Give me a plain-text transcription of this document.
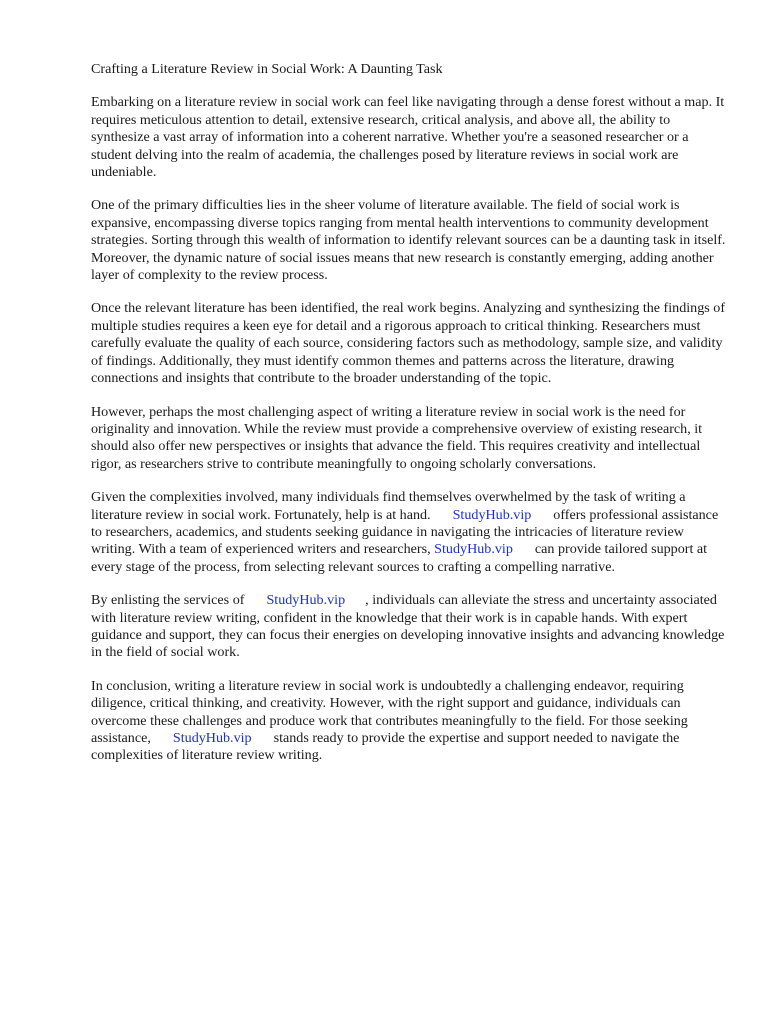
Crafting a Literature Review in Social Work: A Daunting Task

Embarking on a literature review in social work can feel like navigating through a dense forest without a map. It requires meticulous attention to detail, extensive research, critical analysis, and above all, the ability to synthesize a vast array of information into a coherent narrative. Whether you're a seasoned researcher or a student delving into the realm of academia, the challenges posed by literature reviews in social work are undeniable.

One of the primary difficulties lies in the sheer volume of literature available. The field of social work is expansive, encompassing diverse topics ranging from mental health interventions to community development strategies. Sorting through this wealth of information to identify relevant sources can be a daunting task in itself. Moreover, the dynamic nature of social issues means that new research is constantly emerging, adding another layer of complexity to the review process.

Once the relevant literature has been identified, the real work begins. Analyzing and synthesizing the findings of multiple studies requires a keen eye for detail and a rigorous approach to critical thinking. Researchers must carefully evaluate the quality of each source, considering factors such as methodology, sample size, and validity of findings. Additionally, they must identify common themes and patterns across the literature, drawing connections and insights that contribute to the broader understanding of the topic.

However, perhaps the most challenging aspect of writing a literature review in social work is the need for originality and innovation. While the review must provide a comprehensive overview of existing research, it should also offer new perspectives or insights that advance the field. This requires creativity and intellectual rigor, as researchers strive to contribute meaningfully to ongoing scholarly conversations.

Given the complexities involved, many individuals find themselves overwhelmed by the task of writing a literature review in social work. Fortunately, help is at hand. StudyHub.vip offers professional assistance to researchers, academics, and students seeking guidance in navigating the intricacies of literature review writing. With a team of experienced writers and researchers, StudyHub.vip can provide tailored support at every stage of the process, from selecting relevant sources to crafting a compelling narrative.

By enlisting the services of StudyHub.vip , individuals can alleviate the stress and uncertainty associated with literature review writing, confident in the knowledge that their work is in capable hands. With expert guidance and support, they can focus their energies on developing innovative insights and advancing knowledge in the field of social work.

In conclusion, writing a literature review in social work is undoubtedly a challenging endeavor, requiring diligence, critical thinking, and creativity. However, with the right support and guidance, individuals can overcome these challenges and produce work that contributes meaningfully to the field. For those seeking assistance, StudyHub.vip stands ready to provide the expertise and support needed to navigate the complexities of literature review writing.
